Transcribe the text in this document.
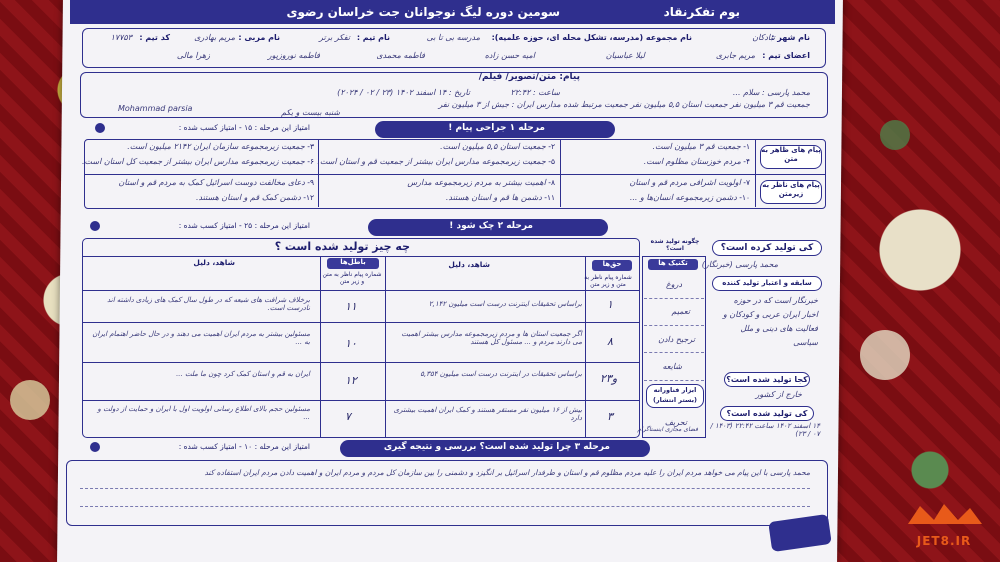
بوم تفکرنقاد
سومین دوره لیگ نوجوانان جت خراسان رضوی
نام شهر :
تبادکان
نام مجموعه (مدرسه، تشکل محله ای، حوزه علمیه):
مدرسه بی تا بی
نام تیم :
تفکر برتر
نام مربی :
مریم بهادری
کد تیم :
۱۷۷۵۳
اعضای تیم :
مریم جابری
لیلا عباسیان
امیه حسن زاده
فاطمه محمدی
فاطمه نوروزپور
زهرا مالی
پیام: متن/تصویر/ فیلم/
محمد پارسی : سلام ...
ساعت : ۲۲:۴۲
تاریخ : ۱۴ اسفند ۱۴۰۲ (۲۳ / ۰۲ / ۲۰۲۴)
جمعیت قم ۳ میلیون نفر جمعیت استان ۵,۵ میلیون نفر جمعیت مرتبط شده مدارس ایران : جیش از ۳ میلیون نفر
Mohammad parsia	شنبه بیست و یکم
امتیاز این مرحله : ۱۵ - امتیاز کسب شده :	مرحله ۱ جراحی پیام !
پیام های ظاهر به متن
پیام های ناظر به زیرمتن
۱- جمعیت قم ۳ میلیون است.
۲- جمعیت استان ۵,۵ میلیون است.
۳- جمعیت زیرمجموعه سازمان ایران ۲۱۴۲ میلیون است.
۴- مردم خوزستان مظلوم است.
۵- جمعیت زیرمجموعه مدارس ایران بیشتر از جمعیت قم و استان است.
۶- جمعیت زیرمجموعه مدارس ایران بیشتر از جمعیت کل استان است.
۷- اولویت اشرافی مردم قم و استان
۸- اهمیت بیشتر به مردم زیرمجموعه مدارس
۹- دعای مخالفت دوست اسرائیل کمک به مردم قم و استان
۱۰- دشمن زیرمجموعه انسان‌ها و ...
۱۱- دشمن ها قم و استان هستند.
۱۲- دشمن کمک قم و استان هستند.
امتیاز این مرحله : ۲۵ - امتیاز کسب شده :	مرحله ۲ چک شود !
چه چیز تولید شده است ؟
حق‌ها
باطل‌ها	شاهد، دلیل
شاهد، دلیل
شماره پیام ناظر به متن و زیر متن
شماره پیام ناظر به متن و زیر متن
۱
براساس تحقیقات اینترنت درست است میلیون ۲,۱۴۲
۱۱
برخلاف شرافت های شیعه که در طول سال کمک های زیادی داشته اند نادرست است.
۸
اگر جمعیت استان ها و مردم زیرمجموعه مدارس بیشتر اهمیت می دارند مردم و ... مسئول کل هستند
۱۰
مسئولین بیشتر به مردم ایران اهمیت می دهند و در حال حاضر اهتمام ایران به ...
۲و۳
براساس تحقیقات در اینترنت درست است میلیون ۵,۳۵۴
۱۲
ایران به قم و استان کمک کرد چون ما ملت ...
۳
بیش از ۱۶ میلیون نفر مستقر هستند و کمک ایران اهمیت بیشتری دارد
۷
مسئولین حجم بالای اطلاع رسانی اولویت اول با ایران و حمایت از دولت و ...
چگونه تولید شده است؟
تکنیک ها
دروغ
تعمیم
ترجیح دادن
شایعه
تحریف
ابزار فناورانه (بستر انتشار)
فضای مجازی اینستاگرام
کی تولید کرده است؟
محمد پارسی (خبرنگار)
سابقه و اعتبار تولید کننده
خبرنگار است که در حوزه اخبار ایران عربی و کودکان و فعالیت های دینی و ملل سیاسی
کجا تولید شده است؟
خارج از کشور
کی تولید شده است؟
۱۴ اسفند ۱۴۰۲ ساعت ۲۲:۴۲ (۱۴۰۳ / ۰۷ / ۲۳)
امتیاز این مرحله : ۱۰ - امتیاز کسب شده :	مرحله ۳ چرا تولید شده است؟ بررسی و نتیجه گیری
محمد پارسی با این پیام می خواهد مردم ایران را علیه مردم مظلوم قم و استان و طرفدار اسرائیل بر انگیزد و دشمنی را بین سازمان کل مردم و مردم ایران و اهمیت دادن مردم ایران استفاده کند
JET8.IR
